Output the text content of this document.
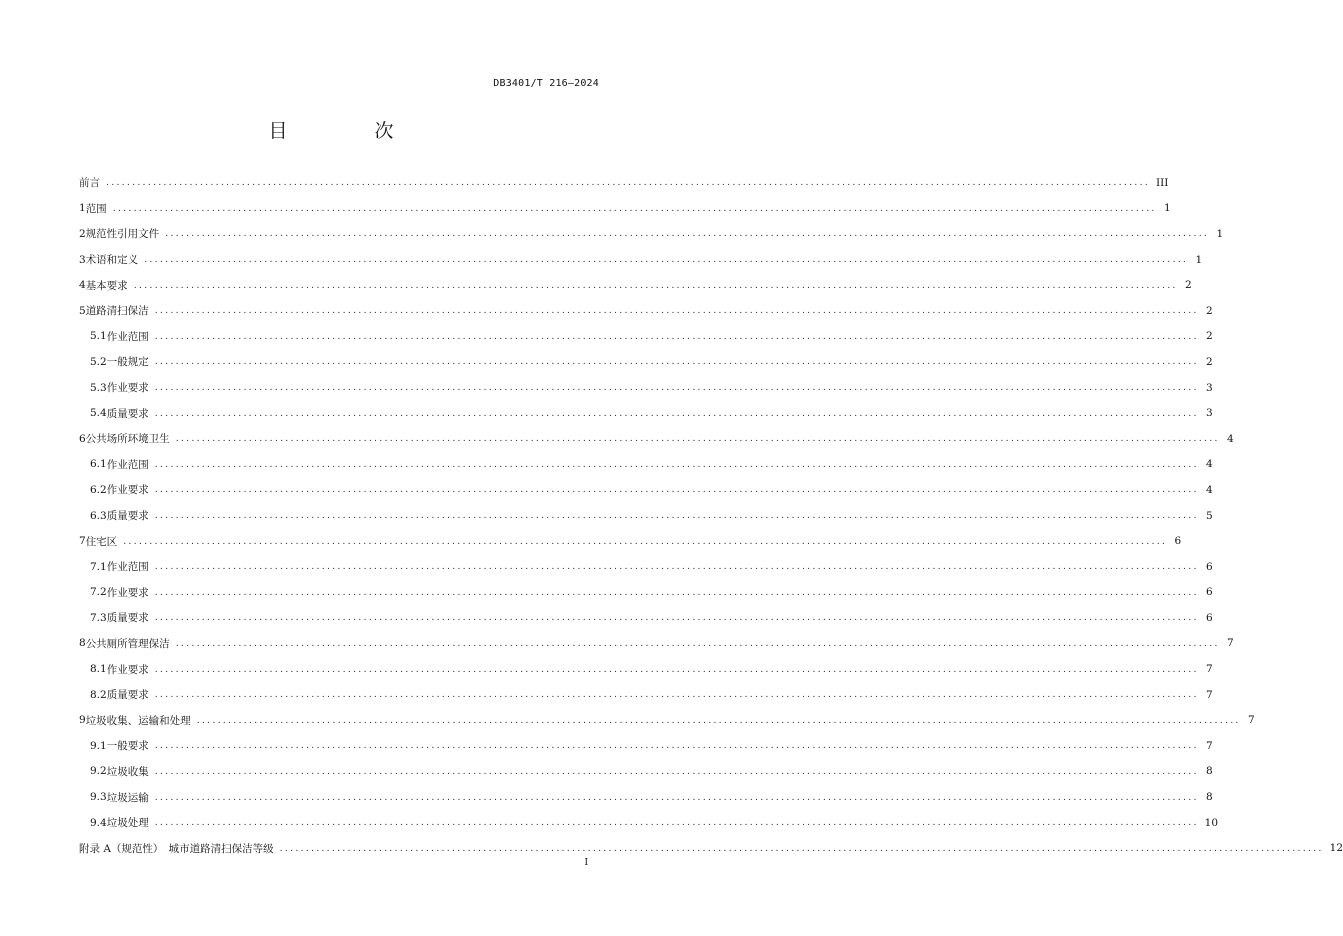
DB3401/T 216—2024
目　次
前言 ........................................................................................................................................................................................................ III
1 范围 ........................................................................................................................................................................................................ 1
2 规范性引用文件 ........................................................................................................................................................................................................ 1
3 术语和定义 ........................................................................................................................................................................................................ 1
4 基本要求 ........................................................................................................................................................................................................ 2
5 道路清扫保洁 ........................................................................................................................................................................................................ 2
5.1 作业范围 ........................................................................................................................................................................................................ 2
5.2 一般规定 ........................................................................................................................................................................................................ 2
5.3 作业要求 ........................................................................................................................................................................................................ 3
5.4 质量要求 ........................................................................................................................................................................................................ 3
6 公共场所环境卫生 ........................................................................................................................................................................................................ 4
6.1 作业范围 ........................................................................................................................................................................................................ 4
6.2 作业要求 ........................................................................................................................................................................................................ 4
6.3 质量要求 ........................................................................................................................................................................................................ 5
7 住宅区 ........................................................................................................................................................................................................ 6
7.1 作业范围 ........................................................................................................................................................................................................ 6
7.2 作业要求 ........................................................................................................................................................................................................ 6
7.3 质量要求 ........................................................................................................................................................................................................ 6
8 公共厕所管理保洁 ........................................................................................................................................................................................................ 7
8.1 作业要求 ........................................................................................................................................................................................................ 7
8.2 质量要求 ........................................................................................................................................................................................................ 7
9 垃圾收集、运输和处理 ........................................................................................................................................................................................................ 7
9.1 一般要求 ........................................................................................................................................................................................................ 7
9.2 垃圾收集 ........................................................................................................................................................................................................ 8
9.3 垃圾运输 ........................................................................................................................................................................................................ 8
9.4 垃圾处理 ........................................................................................................................................................................................................ 10
附录 A（规范性）　城市道路清扫保洁等级 ........................................................................................................................................................................................................ 12
I
